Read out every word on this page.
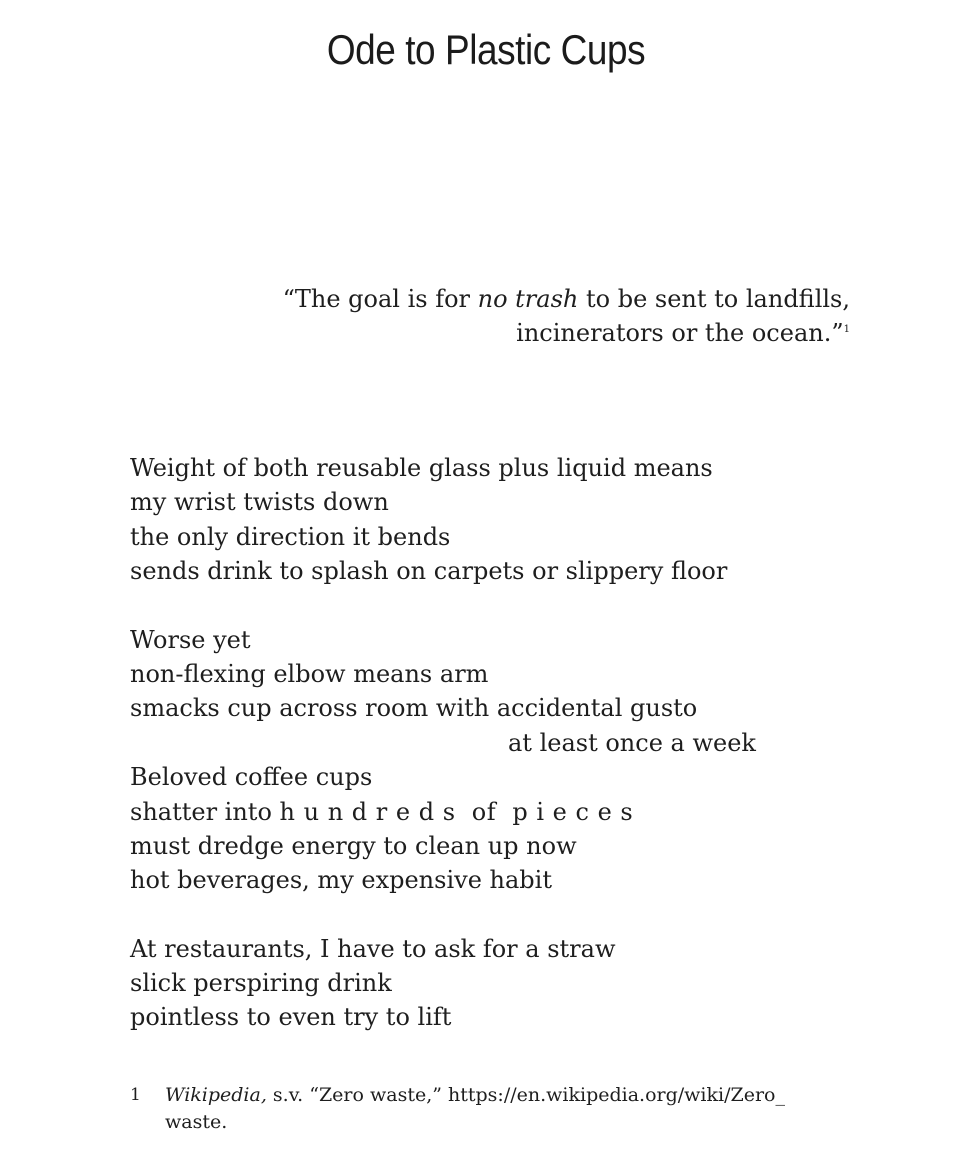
Ode to Plastic Cups
“The goal is for no trash to be sent to landfills,
incinerators or the ocean.”$^1$
Weight of both reusable glass plus liquid means
my wrist twists down
the only direction it bends
sends drink to splash on carpets or slippery floor
Worse yet
non-flexing elbow means arm
smacks cup across room with accidental gusto
at least once a week
Beloved coffee cups
shatter into h u n d r e d s  of  p i e c e s
must dredge energy to clean up now
hot beverages, my expensive habit
At restaurants, I have to ask for a straw
slick perspiring drink
pointless to even try to lift
1 Wikipedia, s.v. “Zero waste,” https://en.wikipedia.org/wiki/Zero_
waste.
